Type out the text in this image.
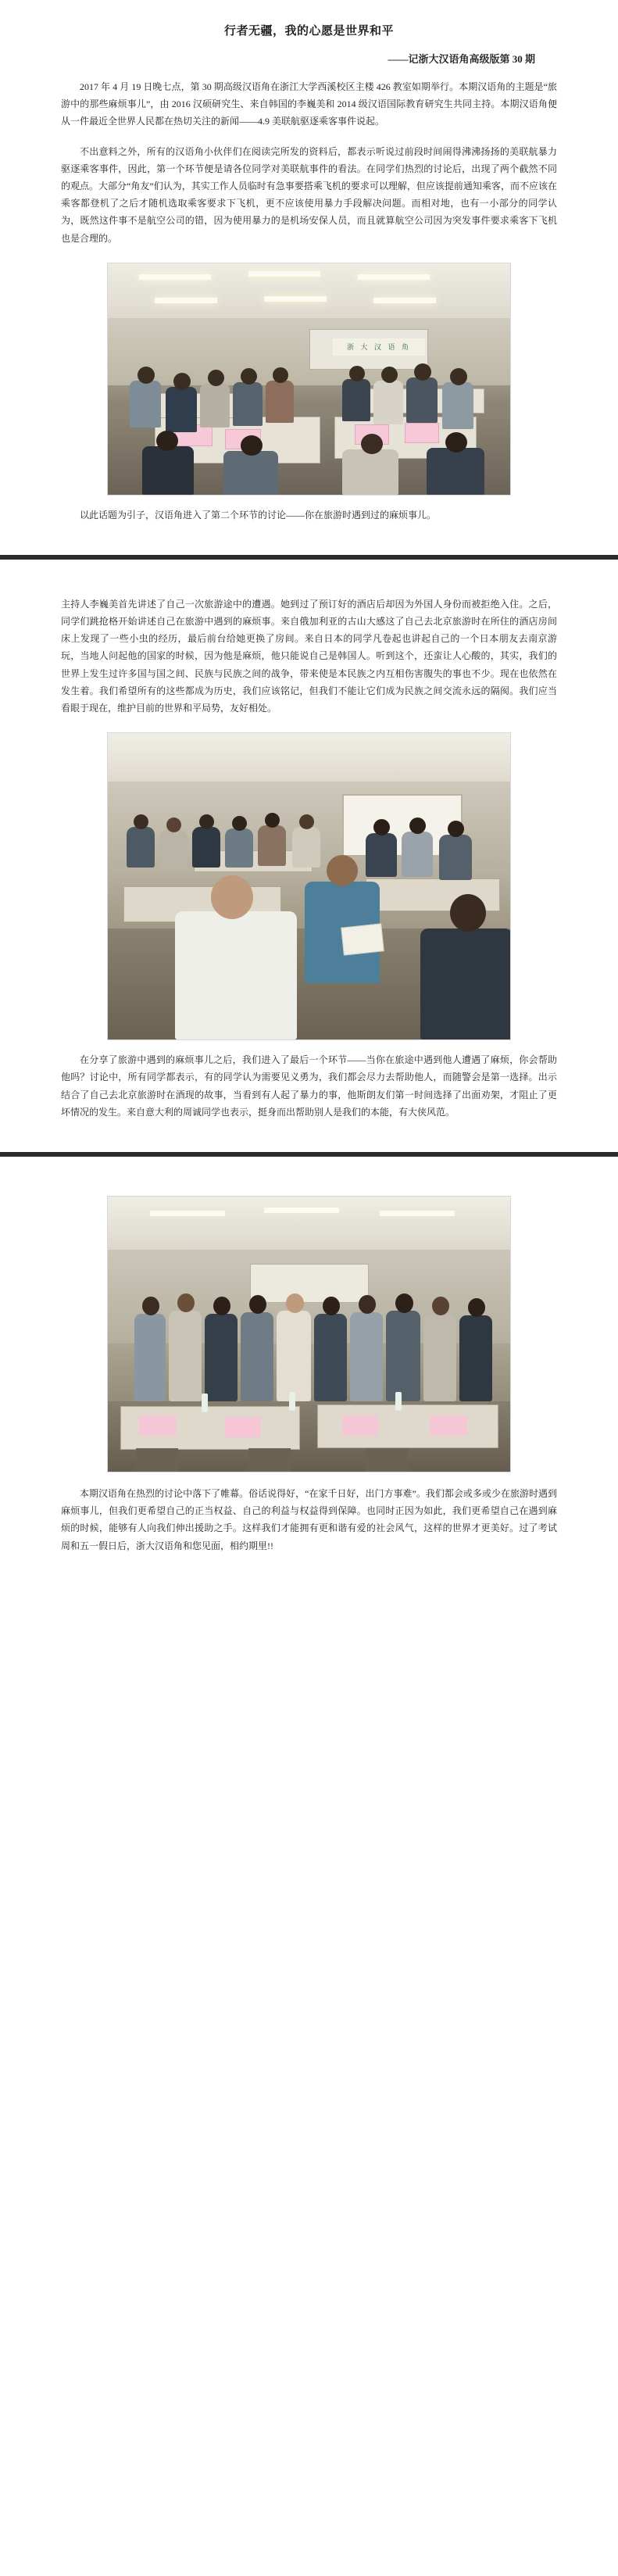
行者无疆，我的心愿是世界和平
——记浙大汉语角高级版第 30 期

2017 年 4 月 19 日晚七点，第 30 期高级汉语角在浙江大学西溪校区主楼 426 教室如期举行。本期汉语角的主题是“旅游中的那些麻烦事儿”，由 2016 汉硕研究生、来自韩国的李巍美和 2014 级汉语国际教育研究生共同主持。本期汉语角便从一件最近全世界人民都在热切关注的新闻——4.9 美联航驱逐乘客事件说起。

不出意料之外，所有的汉语角小伙伴们在阅读完所发的资料后，都表示听说过前段时间闹得沸沸扬扬的美联航暴力驱逐乘客事件，因此，第一个环节便是请各位同学对美联航事件的看法。在同学们热烈的讨论后，出现了两个截然不同的观点。大部分“角友”们认为，其实工作人员临时有急事要搭乘飞机的要求可以理解，但应该提前通知乘客，而不应该在乘客都登机了之后才随机选取乘客要求下飞机，更不应该使用暴力手段解决问题。而相对地，也有一小部分的同学认为，既然这件事不是航空公司的错，因为使用暴力的是机场安保人员，而且就算航空公司因为突发事件要求乘客下飞机也是合理的。

浙 大 汉 语 角

以此话题为引子，汉语角进入了第二个环节的讨论——你在旅游时遇到过的麻烦事儿。

主持人李巍美首先讲述了自己一次旅游途中的遭遇。她到过了预订好的酒店后却因为外国人身份而被拒绝入住。之后，同学们跳抢格开始讲述自己在旅游中遇到的麻烦事。来自俄加利亚的古山大感这了自己去北京旅游时在所住的酒店房间床上发现了一些小虫的经历，最后前台给她更换了房间。来自日本的同学凡卷起也讲起自己的一个日本朋友去南京游玩，当地人问起他的国家的时候，因为他是麻烦，他只能说自己是韩国人。听到这个，还蛮让人心酸的，其实，我们的世界上发生过许多国与国之间、民族与民族之间的战争，带来使是本民族之内互相伤害腹失的事也不少。现在也依然在发生着。我们希望所有的这些都成为历史，我们应该铭记，但我们不能让它们成为民族之间交流永远的隔阂。我们应当看眼于现在，维护目前的世界和平局势，友好相处。

在分享了旅游中遇到的麻烦事儿之后，我们进入了最后一个环节——当你在旅途中遇到他人遭遇了麻烦，你会帮助他吗？讨论中，所有同学都表示，有的同学认为需要见义勇为，我们都会尽力去帮助他人，而随警会是第一选择。出示结合了自己去北京旅游时在酒现的故事，当看到有人起了暴力的事，他斯朗友们第一时间选择了出面劝架，才阻止了更坏情况的发生。来自意大利的周诚同学也表示，挺身而出帮助别人是我们的本能，有大侠风范。

本期汉语角在热烈的讨论中落下了帷幕。俗话说得好，“在家千日好，出门方事难”。我们都会或多或少在旅游时遇到麻烦事儿，但我们更希望自己的正当权益、自己的利益与权益得到保障。也同时正因为如此，我们更希望自己在遇到麻烦的时候，能够有人向我们伸出援助之手。这样我们才能拥有更和谐有爱的社会风气，这样的世界才更美好。过了考试周和五一假日后，浙大汉语角和您见面，相约期里!!
